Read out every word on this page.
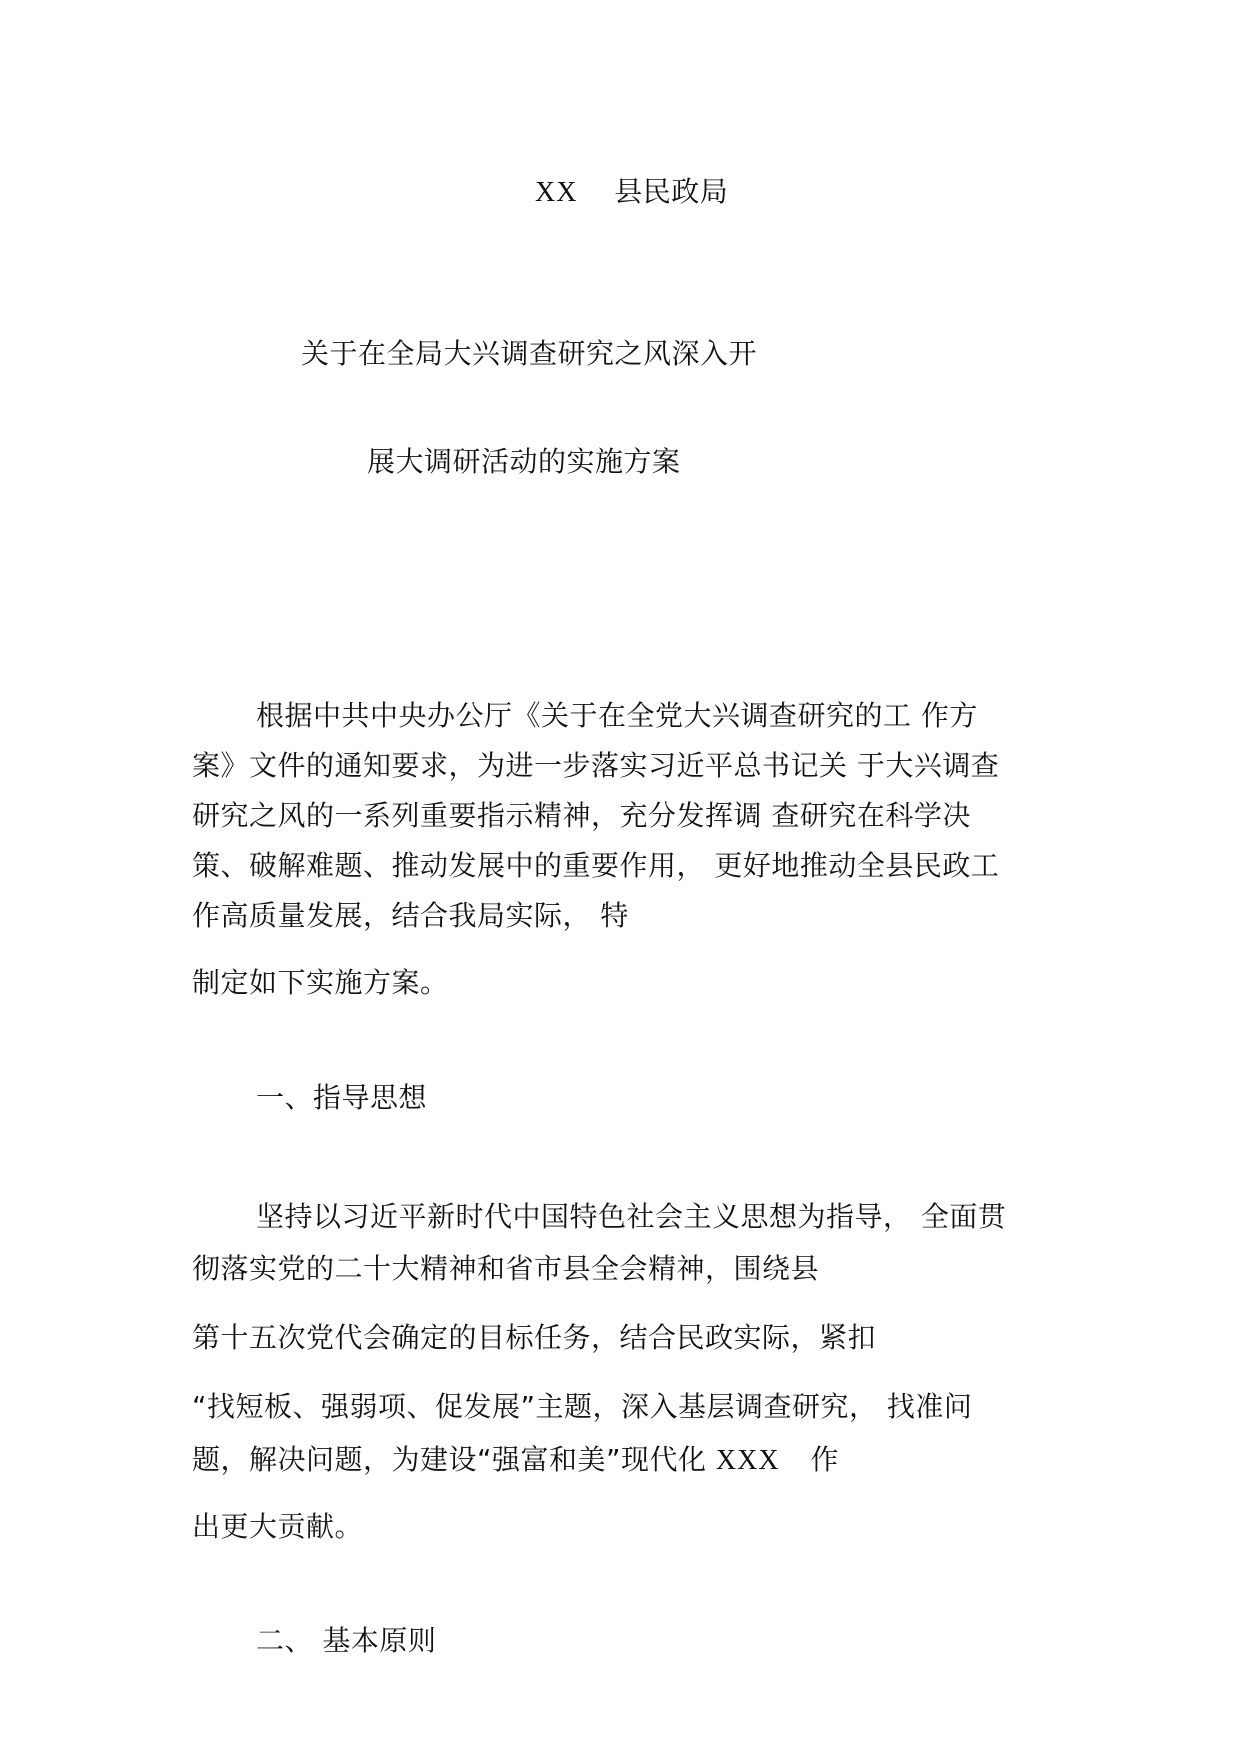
XX 县民政局
关于在全局大兴调查研究之风深入开
展大调研活动的实施方案
根据中共中央办公厅《关于在全党大兴调查研究的工 作方
案》文件的通知要求，为进一步落实习近平总书记关 于大兴调查
研究之风的一系列重要指示精神，充分发挥调 查研究在科学决
策、破解难题、推动发展中的重要作用， 更好地推动全县民政工
作高质量发展，结合我局实际， 特
制定如下实施方案。
一、指导思想
坚持以习近平新时代中国特色社会主义思想为指导， 全面贯
彻落实党的二十大精神和省市县全会精神，围绕县
第十五次党代会确定的目标任务，结合民政实际，紧扣
“找短板、强弱项、促发展”主题，深入基层调查研究， 找准问
题，解决问题，为建设“强富和美”现代化 XXX 作
出更大贡献。
二、 基本原则
